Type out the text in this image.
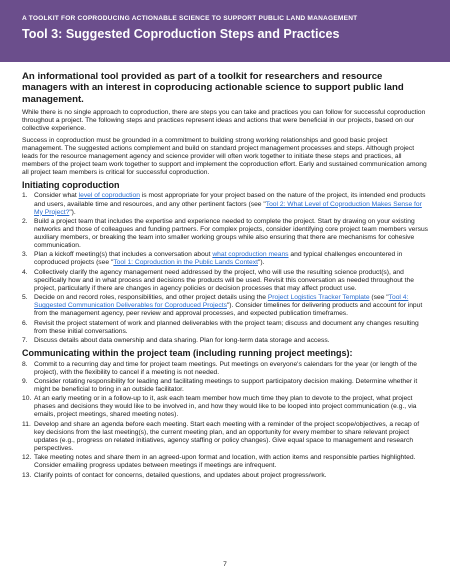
A TOOLKIT FOR COPRODUCING ACTIONABLE SCIENCE TO SUPPORT PUBLIC LAND MANAGEMENT
Tool 3: Suggested Coproduction Steps and Practices

An informational tool provided as part of a toolkit for researchers and resource managers with an interest in coproducing actionable science to support public land management.

While there is no single approach to coproduction, there are steps you can take and practices you can follow for successful coproduction throughout a project. The following steps and practices represent ideas and actions that were beneficial in our projects, based on our collective experience.

Success in coproduction must be grounded in a commitment to building strong working relationships and good basic project management. The suggested actions complement and build on standard project management processes and steps. Although project leads for the resource management agency and science provider will often work together to initiate these steps and practices, all members of the project team work together to support and implement the coproduction effort. Early and sustained communication among all project team members is critical for successful coproduction.

Initiating coproduction
1. Consider what level of coproduction is most appropriate for your project based on the nature of the project, its intended end products and users, available time and resources, and any other pertinent factors (see "Tool 2: What Level of Coproduction Makes Sense for My Project?").
2. Build a project team that includes the expertise and experience needed to complete the project. Start by drawing on your existing networks and those of colleagues and funding partners. For complex projects, consider identifying core project team members versus auxiliary members, or breaking the team into smaller working groups while also ensuring that there are mechanisms for cohesive communication.
3. Plan a kickoff meeting(s) that includes a conversation about what coproduction means and typical challenges encountered in coproduced projects (see "Tool 1: Coproduction in the Public Lands Context").
4. Collectively clarify the agency management need addressed by the project, who will use the resulting science product(s), and specifically how and in what process and decisions the products will be used. Revisit this conversation as needed throughout the project, particularly if there are changes in agency policies or decision processes that may affect product use.
5. Decide on and record roles, responsibilities, and other project details using the Project Logistics Tracker Template (see "Tool 4: Suggested Communication Deliverables for Coproduced Projects"). Consider timelines for delivering products and account for input from the management agency, peer review and approval processes, and expected publication timeframes.
6. Revisit the project statement of work and planned deliverables with the project team; discuss and document any changes resulting from these initial conversations.
7. Discuss details about data ownership and data sharing. Plan for long-term data storage and access.
Communicating within the project team (including running project meetings):
8. Commit to a recurring day and time for project team meetings. Put meetings on everyone's calendars for the year (or length of the project), with the flexibility to cancel if a meeting is not needed.
9. Consider rotating responsibility for leading and facilitating meetings to support participatory decision making. Determine whether it might be beneficial to bring in an outside facilitator.
10. At an early meeting or in a follow-up to it, ask each team member how much time they plan to devote to the project, what project phases and decisions they would like to be involved in, and how they would like to be looped into project communication (e.g., via emails, project meetings, shared meeting notes).
11. Develop and share an agenda before each meeting. Start each meeting with a reminder of the project scope/objectives, a recap of key decisions from the last meeting(s), the current meeting plan, and an opportunity for every member to share relevant project updates (e.g., progress on related initiatives, agency staffing or policy changes). Give equal space to management and research perspectives.
12. Take meeting notes and share them in an agreed-upon format and location, with action items and responsible parties highlighted. Consider emailing progress updates between meetings if meetings are infrequent.
13. Clarify points of contact for concerns, detailed questions, and updates about project progress/work.
7
